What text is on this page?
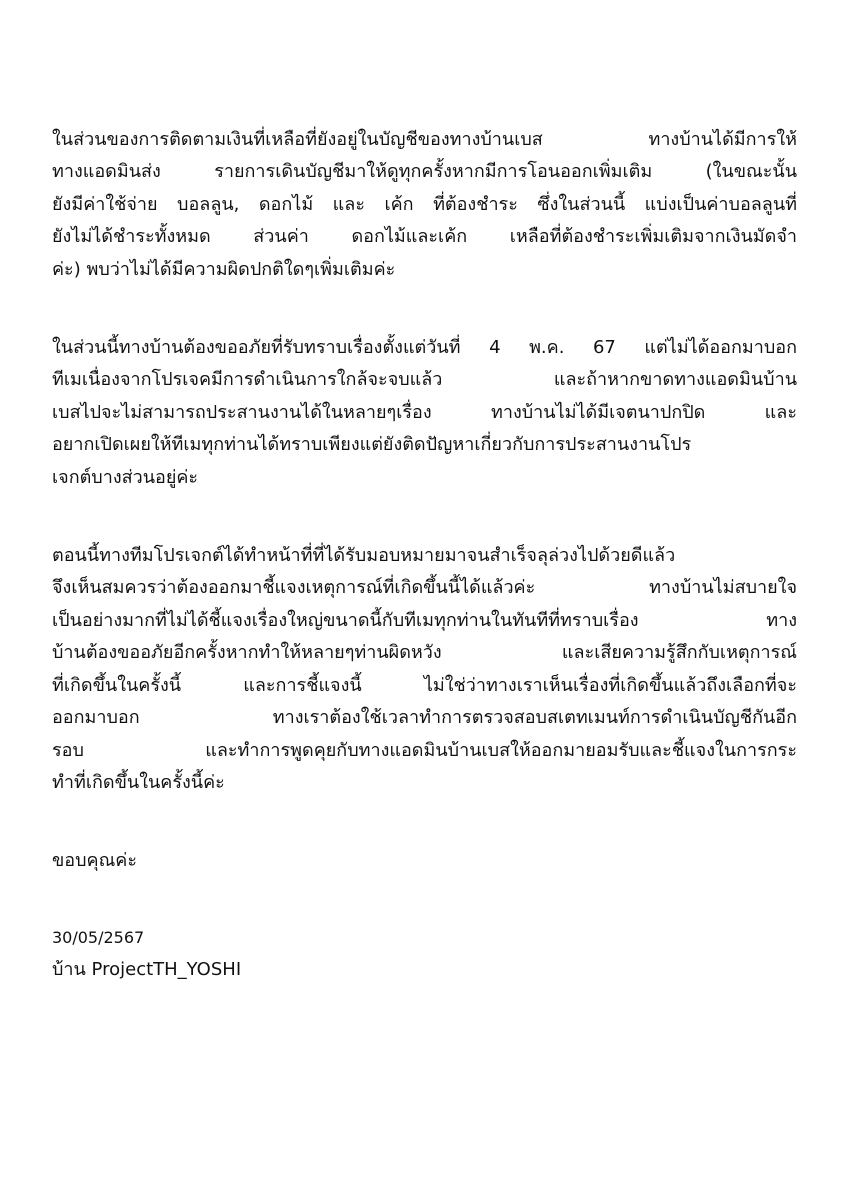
ในส่วนของการติดตามเงินที่เหลือที่ยังอยู่ในบัญชีของทางบ้านเบส ทางบ้านได้มีการให้
ทางแอดมินส่ง รายการเดินบัญชีมาให้ดูทุกครั้งหากมีการโอนออกเพิ่มเติม (ในขณะนั้น
ยังมีค่าใช้จ่าย บอลลูน, ดอกไม้ และ เค้ก ที่ต้องชำระ ซึ่งในส่วนนี้ แบ่งเป็นค่าบอลลูนที่
ยังไม่ได้ชำระทั้งหมด ส่วนค่า ดอกไม้และเค้ก เหลือที่ต้องชำระเพิ่มเติมจากเงินมัดจำ
ค่ะ) พบว่าไม่ได้มีความผิดปกติใดๆเพิ่มเติมค่ะ
ในส่วนนี้ทางบ้านต้องขออภัยที่รับทราบเรื่องตั้งแต่วันที่ 4 พ.ค. 67 แต่ไม่ได้ออกมาบอก
ทีเมเนื่องจากโปรเจคมีการดำเนินการใกล้จะจบแล้ว และถ้าหากขาดทางแอดมินบ้าน
เบสไปจะไม่สามารถประสานงานได้ในหลายๆเรื่อง ทางบ้านไม่ได้มีเจตนาปกปิด และ
อยากเปิดเผยให้ทีเมทุกท่านได้ทราบเพียงแต่ยังติดปัญหาเกี่ยวกับการประสานงานโปร
เจกต์บางส่วนอยู่ค่ะ
ตอนนี้ทางทีมโปรเจกต์ได้ทำหน้าที่ที่ได้รับมอบหมายมาจนสำเร็จลุล่วงไปด้วยดีแล้ว
จึงเห็นสมควรว่าต้องออกมาชี้แจงเหตุการณ์ที่เกิดขึ้นนี้ได้แล้วค่ะ ทางบ้านไม่สบายใจ
เป็นอย่างมากที่ไม่ได้ชี้แจงเรื่องใหญ่ขนาดนี้กับทีเมทุกท่านในทันทีที่ทราบเรื่อง ทาง
บ้านต้องขออภัยอีกครั้งหากทำให้หลายๆท่านผิดหวัง และเสียความรู้สึกกับเหตุการณ์
ที่เกิดขึ้นในครั้งนี้ และการชี้แจงนี้ ไม่ใช่ว่าทางเราเห็นเรื่องที่เกิดขึ้นแล้วถึงเลือกที่จะ
ออกมาบอก ทางเราต้องใช้เวลาทำการตรวจสอบสเตทเมนท์การดำเนินบัญชีกันอีก
รอบ และทำการพูดคุยกับทางแอดมินบ้านเบสให้ออกมายอมรับและชี้แจงในการกระ
ทำที่เกิดขึ้นในครั้งนี้ค่ะ
ขอบคุณค่ะ
30/05/2567
บ้าน ProjectTH_YOSHI
